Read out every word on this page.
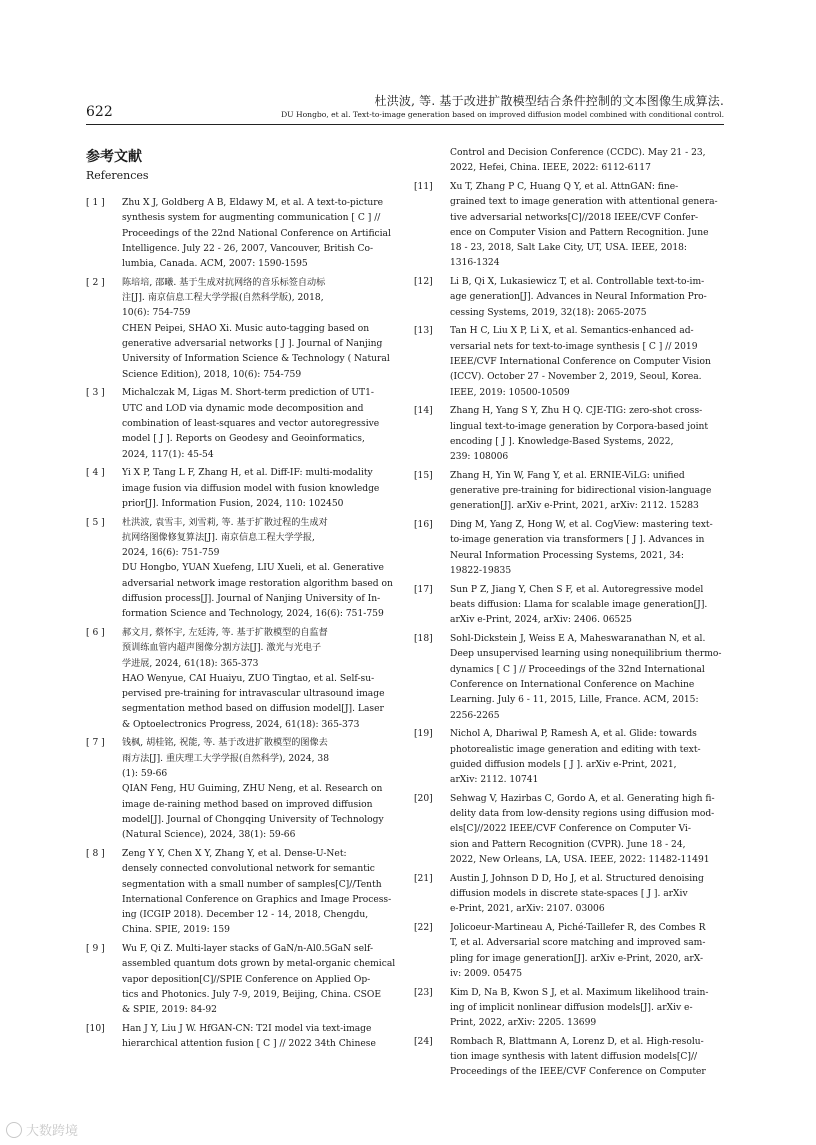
622
杜洪波, 等. 基于改进扩散模型结合条件控制的文本图像生成算法.
DU Hongbo, et al. Text-to-image generation based on improved diffusion model combined with conditional control.
参考文献
References
[ 1 ] Zhu X J, Goldberg A B, Eldawy M, et al. A text-to-picture
synthesis system for augmenting communication [ C ] //
Proceedings of the 22nd National Conference on Artificial
Intelligence. July 22 - 26, 2007, Vancouver, British Co-
lumbia, Canada. ACM, 2007: 1590-1595
[ 2 ] 陈培培, 邵曦. 基于生成对抗网络的音乐标签自动标
注[J]. 南京信息工程大学学报(自然科学版), 2018,
10(6): 754-759
CHEN Peipei, SHAO Xi. Music auto-tagging based on
generative adversarial networks [ J ]. Journal of Nanjing
University of Information Science & Technology ( Natural
Science Edition), 2018, 10(6): 754-759
[ 3 ] Michalczak M, Ligas M. Short-term prediction of UT1-
UTC and LOD via dynamic mode decomposition and
combination of least-squares and vector autoregressive
model [ J ]. Reports on Geodesy and Geoinformatics,
2024, 117(1): 45-54
[ 4 ] Yi X P, Tang L F, Zhang H, et al. Diff-IF: multi-modality
image fusion via diffusion model with fusion knowledge
prior[J]. Information Fusion, 2024, 110: 102450
[ 5 ] 杜洪波, 袁雪丰, 刘雪莉, 等. 基于扩散过程的生成对
抗网络图像修复算法[J]. 南京信息工程大学学报,
2024, 16(6): 751-759
DU Hongbo, YUAN Xuefeng, LIU Xueli, et al. Generative
adversarial network image restoration algorithm based on
diffusion process[J]. Journal of Nanjing University of In-
formation Science and Technology, 2024, 16(6): 751-759
[ 6 ] 郝文月, 蔡怀宇, 左廷涛, 等. 基于扩散模型的自监督
预训练血管内超声图像分割方法[J]. 激光与光电子
学进展, 2024, 61(18): 365-373
HAO Wenyue, CAI Huaiyu, ZUO Tingtao, et al. Self-su-
pervised pre-training for intravascular ultrasound image
segmentation method based on diffusion model[J]. Laser
& Optoelectronics Progress, 2024, 61(18): 365-373
[ 7 ] 钱枫, 胡桂铭, 祝能, 等. 基于改进扩散模型的图像去
雨方法[J]. 重庆理工大学学报(自然科学), 2024, 38
(1): 59-66
QIAN Feng, HU Guiming, ZHU Neng, et al. Research on
image de-raining method based on improved diffusion
model[J]. Journal of Chongqing University of Technology
(Natural Science), 2024, 38(1): 59-66
[ 8 ] Zeng Y Y, Chen X Y, Zhang Y, et al. Dense-U-Net:
densely connected convolutional network for semantic
segmentation with a small number of samples[C]//Tenth
International Conference on Graphics and Image Process-
ing (ICGIP 2018). December 12 - 14, 2018, Chengdu,
China. SPIE, 2019: 159
[ 9 ] Wu F, Qi Z. Multi-layer stacks of GaN/n-Al0.5GaN self-
assembled quantum dots grown by metal-organic chemical
vapor deposition[C]//SPIE Conference on Applied Op-
tics and Photonics. July 7-9, 2019, Beijing, China. CSOE
& SPIE, 2019: 84-92
[10] Han J Y, Liu J W. HfGAN-CN: T2I model via text-image
hierarchical attention fusion [ C ] // 2022 34th Chinese
Control and Decision Conference (CCDC). May 21 - 23,
2022, Hefei, China. IEEE, 2022: 6112-6117
[11] Xu T, Zhang P C, Huang Q Y, et al. AttnGAN: fine-
grained text to image generation with attentional genera-
tive adversarial networks[C]//2018 IEEE/CVF Confer-
ence on Computer Vision and Pattern Recognition. June
18 - 23, 2018, Salt Lake City, UT, USA. IEEE, 2018:
1316-1324
[12] Li B, Qi X, Lukasiewicz T, et al. Controllable text-to-im-
age generation[J]. Advances in Neural Information Pro-
cessing Systems, 2019, 32(18): 2065-2075
[13] Tan H C, Liu X P, Li X, et al. Semantics-enhanced ad-
versarial nets for text-to-image synthesis [ C ] // 2019
IEEE/CVF International Conference on Computer Vision
(ICCV). October 27 - November 2, 2019, Seoul, Korea.
IEEE, 2019: 10500-10509
[14] Zhang H, Yang S Y, Zhu H Q. CJE-TIG: zero-shot cross-
lingual text-to-image generation by Corpora-based joint
encoding [ J ]. Knowledge-Based Systems, 2022,
239: 108006
[15] Zhang H, Yin W, Fang Y, et al. ERNIE-ViLG: unified
generative pre-training for bidirectional vision-language
generation[J]. arXiv e-Print, 2021, arXiv: 2112. 15283
[16] Ding M, Yang Z, Hong W, et al. CogView: mastering text-
to-image generation via transformers [ J ]. Advances in
Neural Information Processing Systems, 2021, 34:
19822-19835
[17] Sun P Z, Jiang Y, Chen S F, et al. Autoregressive model
beats diffusion: Llama for scalable image generation[J].
arXiv e-Print, 2024, arXiv: 2406. 06525
[18] Sohl-Dickstein J, Weiss E A, Maheswaranathan N, et al.
Deep unsupervised learning using nonequilibrium thermo-
dynamics [ C ] // Proceedings of the 32nd International
Conference on International Conference on Machine
Learning. July 6 - 11, 2015, Lille, France. ACM, 2015:
2256-2265
[19] Nichol A, Dhariwal P, Ramesh A, et al. Glide: towards
photorealistic image generation and editing with text-
guided diffusion models [ J ]. arXiv e-Print, 2021,
arXiv: 2112. 10741
[20] Sehwag V, Hazirbas C, Gordo A, et al. Generating high fi-
delity data from low-density regions using diffusion mod-
els[C]//2022 IEEE/CVF Conference on Computer Vi-
sion and Pattern Recognition (CVPR). June 18 - 24,
2022, New Orleans, LA, USA. IEEE, 2022: 11482-11491
[21] Austin J, Johnson D D, Ho J, et al. Structured denoising
diffusion models in discrete state-spaces [ J ]. arXiv
e-Print, 2021, arXiv: 2107. 03006
[22] Jolicoeur-Martineau A, Piché-Taillefer R, des Combes R
T, et al. Adversarial score matching and improved sam-
pling for image generation[J]. arXiv e-Print, 2020, arX-
iv: 2009. 05475
[23] Kim D, Na B, Kwon S J, et al. Maximum likelihood train-
ing of implicit nonlinear diffusion models[J]. arXiv e-
Print, 2022, arXiv: 2205. 13699
[24] Rombach R, Blattmann A, Lorenz D, et al. High-resolu-
tion image synthesis with latent diffusion models[C]//
Proceedings of the IEEE/CVF Conference on Computer
大数跨境
